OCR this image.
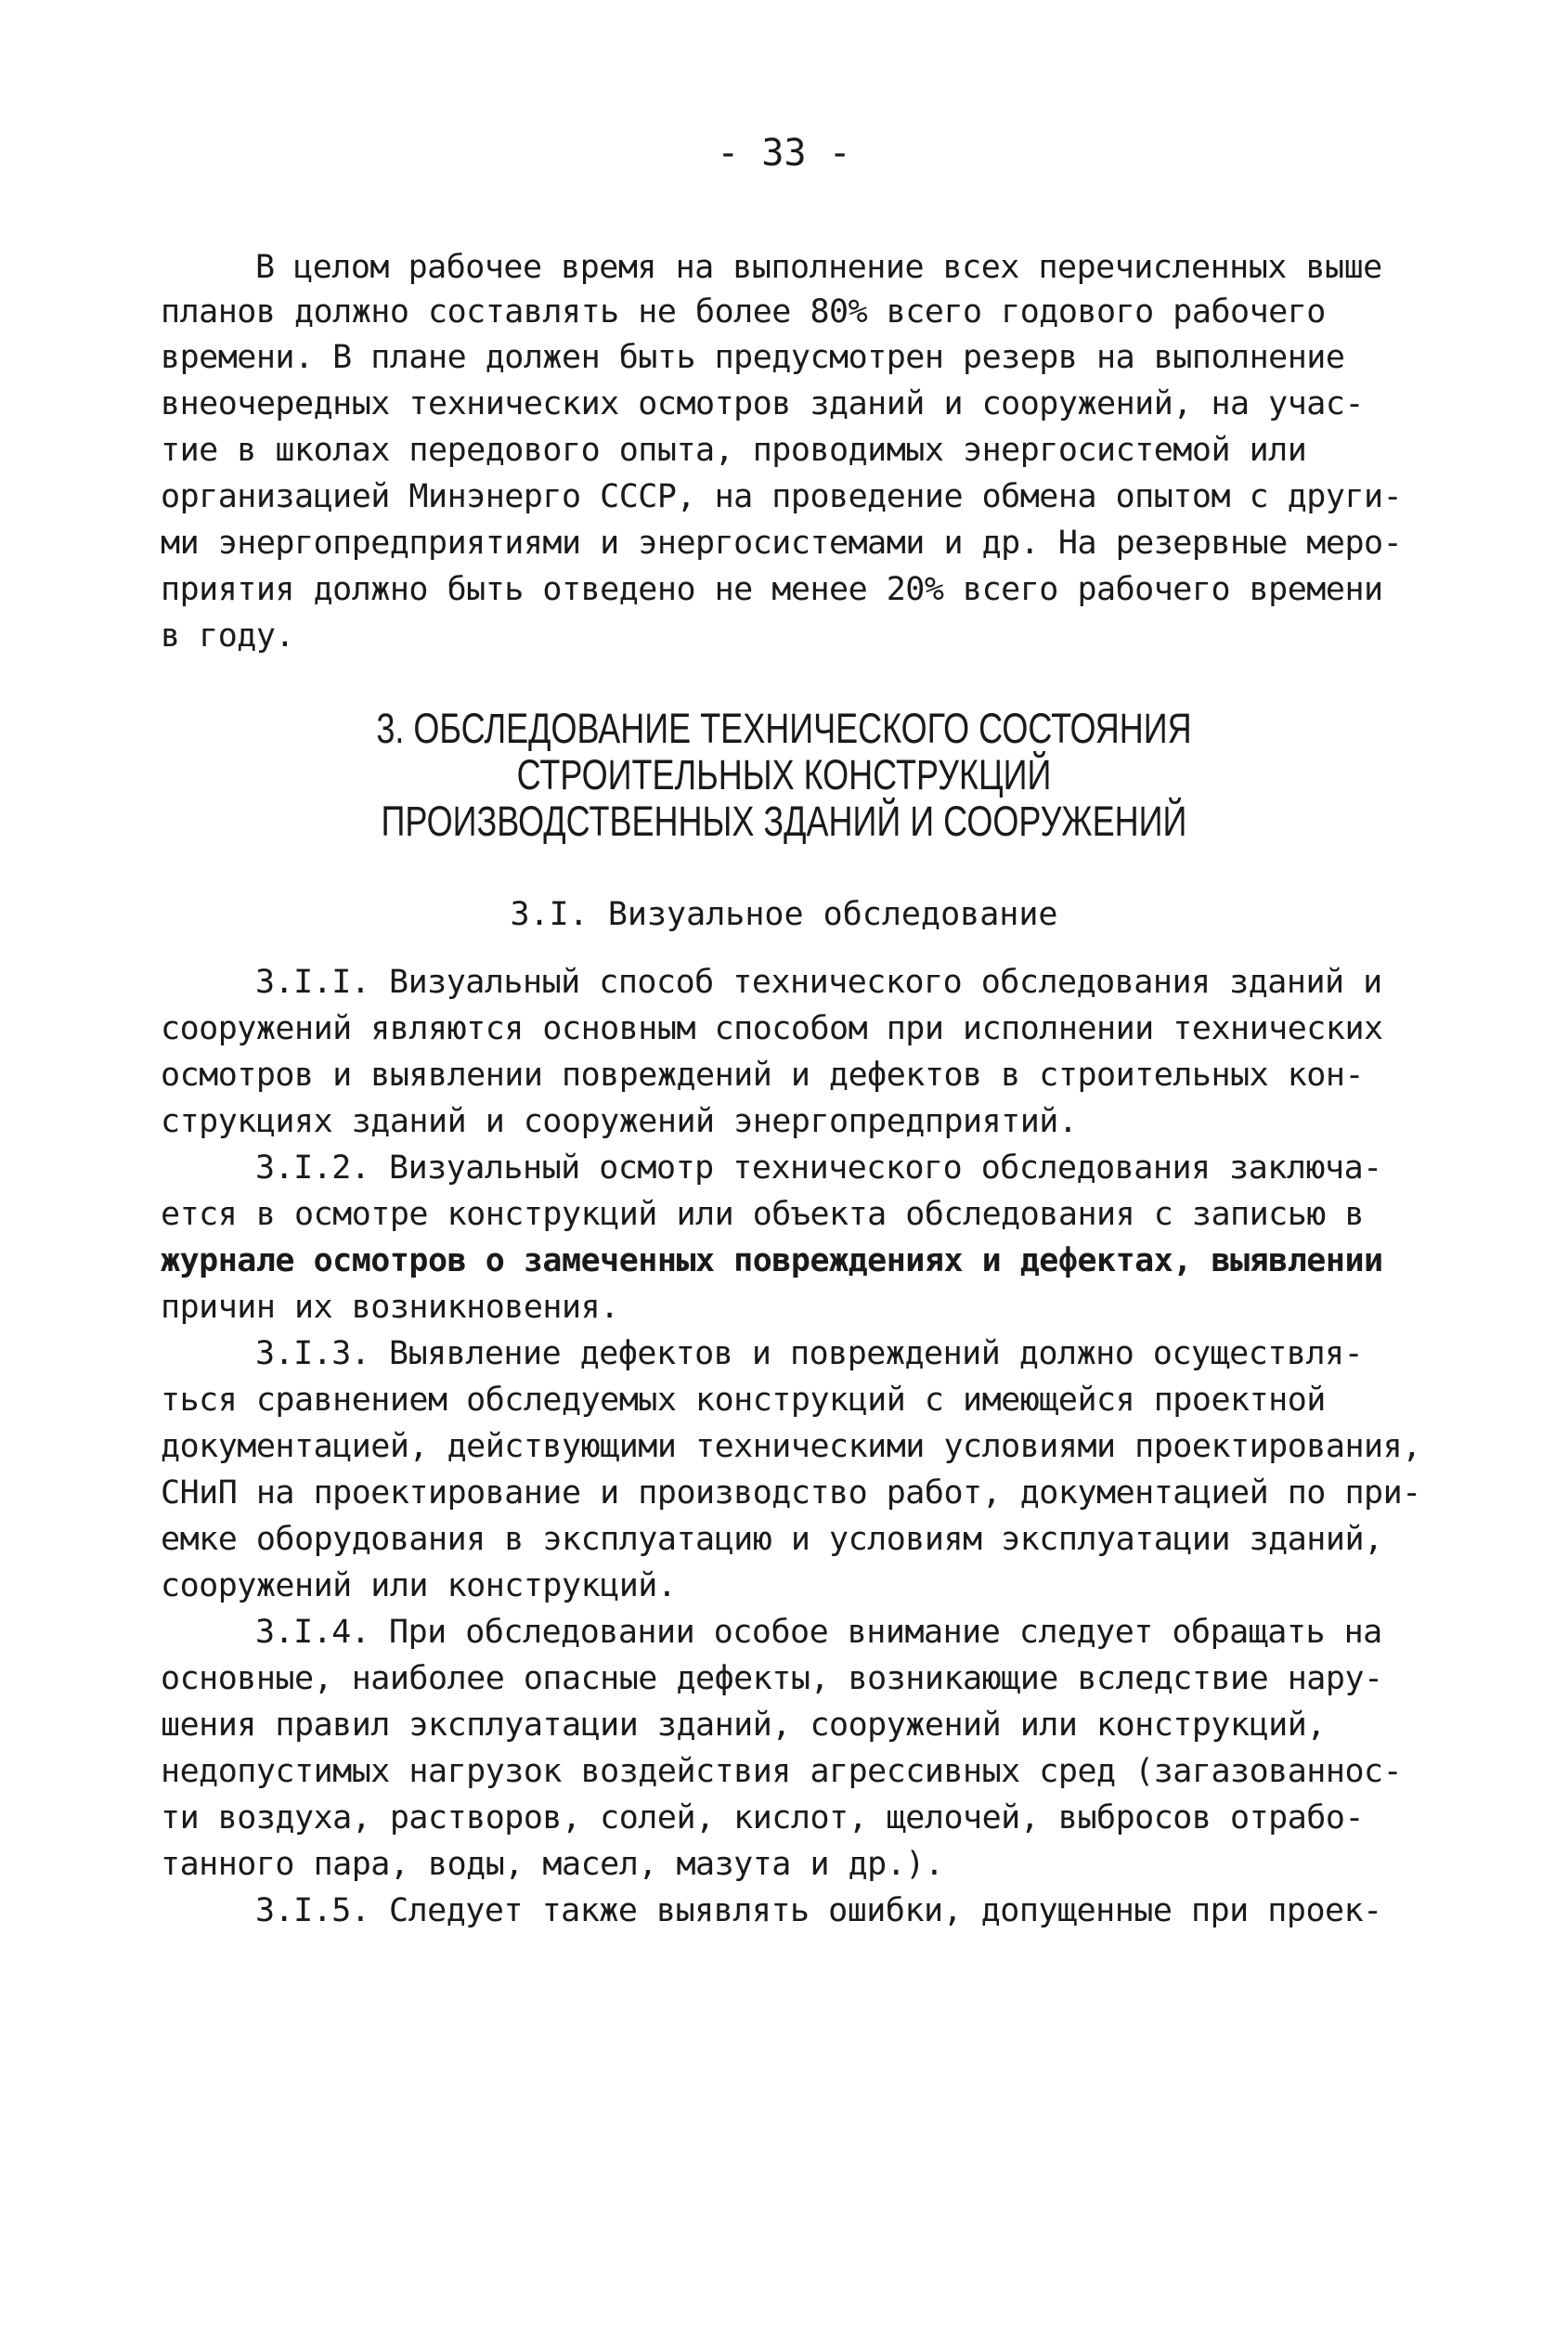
- 33 -
В целом рабочее время на выполнение всех перечисленных выше
планов должно составлять не более 80% всего годового рабочего
времени. В плане должен быть предусмотрен резерв на выполнение
внеочередных технических осмотров зданий и сооружений, на учас-
тие в школах передового опыта, проводимых энергосистемой или
организацией Минэнерго СССР, на проведение обмена опытом с други-
ми энергопредприятиями и энергосистемами и др. На резервные меро-
приятия должно быть отведено не менее 20% всего рабочего времени
в году.
3. ОБСЛЕДОВАНИЕ ТЕХНИЧЕСКОГО СОСТОЯНИЯ
СТРОИТЕЛЬНЫХ КОНСТРУКЦИЙ
ПРОИЗВОДСТВЕННЫХ ЗДАНИЙ И СООРУЖЕНИЙ
3.I. Визуальное обследование
3.I.I. Визуальный способ технического обследования зданий и
сооружений являются основным способом при исполнении технических
осмотров и выявлении повреждений и дефектов в строительных кон-
струкциях зданий и сооружений энергопредприятий.
3.I.2. Визуальный осмотр технического обследования заключа-
ется в осмотре конструкций или объекта обследования с записью в
журнале осмотров о замеченных повреждениях и дефектах, выявлении
причин их возникновения.
3.I.3. Выявление дефектов и повреждений должно осуществля-
ться сравнением обследуемых конструкций с имеющейся проектной
документацией, действующими техническими условиями проектирования,
СНиП на проектирование и производство работ, документацией по при-
емке оборудования в эксплуатацию и условиям эксплуатации зданий,
сооружений или конструкций.
3.I.4. При обследовании особое внимание следует обращать на
основные, наиболее опасные дефекты, возникающие вследствие нару-
шения правил эксплуатации зданий, сооружений или конструкций,
недопустимых нагрузок воздействия агрессивных сред (загазованнос-
ти воздуха, растворов, солей, кислот, щелочей, выбросов отрабо-
танного пара, воды, масел, мазута и др.).
3.I.5. Следует также выявлять ошибки, допущенные при проек-
